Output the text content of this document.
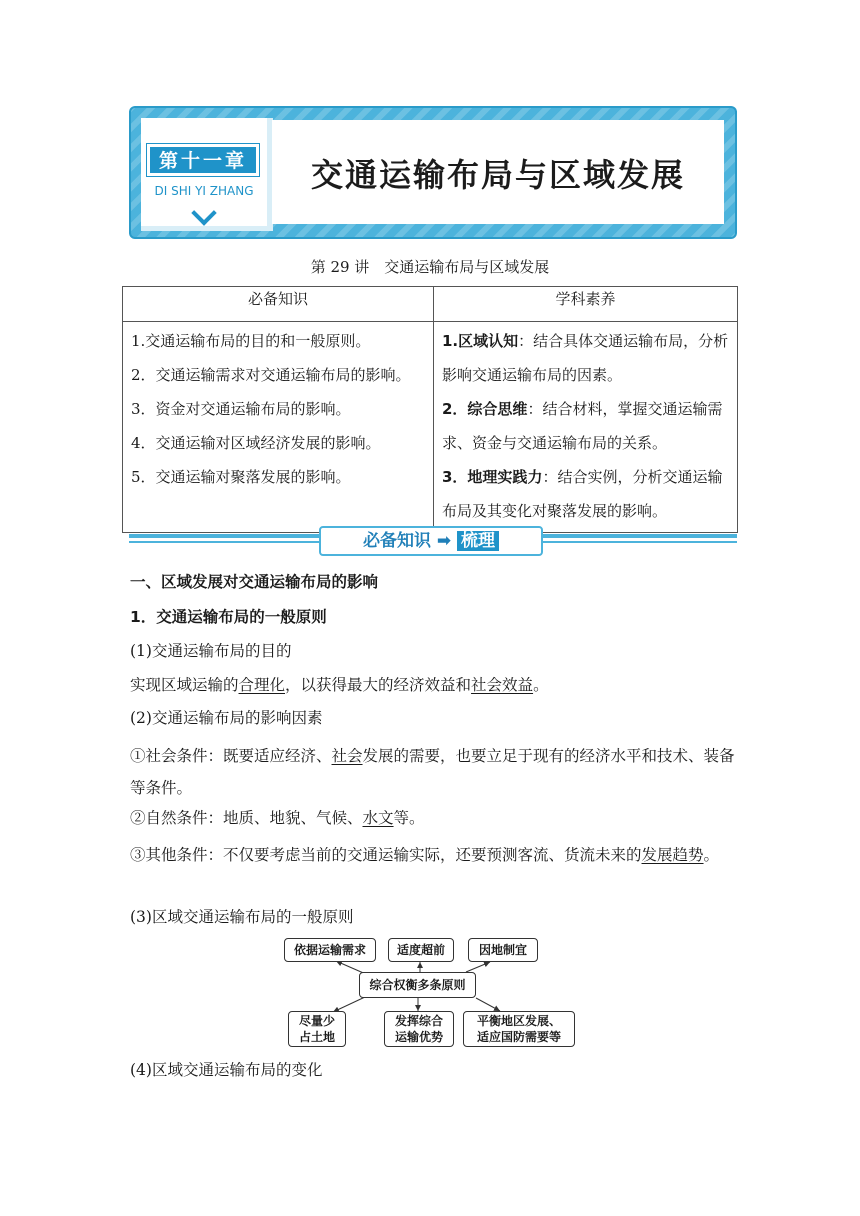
第十一章
DI SHI YI ZHANG	交通运输布局与区域发展
第 29 讲　交通运输布局与区域发展
必备知识	学科素养

1.交通运输布局的目的和一般原则。
2．交通运输需求对交通运输布局的影响。
3．资金对交通运输布局的影响。
4．交通运输对区域经济发展的影响。
5．交通运输对聚落发展的影响。	1.区域认知：结合具体交通运输布局，分析影响交通运输布局的因素。
2．综合思维：结合材料，掌握交通运输需求、资金与交通运输布局的关系。
3．地理实践力：结合实例，分析交通运输布局及其变化对聚落发展的影响。
必备知识 ➡ 梳理
一、区域发展对交通运输布局的影响
1．交通运输布局的一般原则
(1)交通运输布局的目的
实现区域运输的合理化，以获得最大的经济效益和社会效益。
(2)交通运输布局的影响因素
①社会条件：既要适应经济、社会发展的需要，也要立足于现有的经济水平和技术、装备等条件。
②自然条件：地质、地貌、气候、水文等。
③其他条件：不仅要考虑当前的交通运输实际，还要预测客流、货流未来的发展趋势。
(3)区域交通运输布局的一般原则
依据运输需求	适度超前	因地制宜
综合权衡多条原则
尽量少
占土地
发挥综合
运输优势
平衡地区发展、
适应国防需要等
(4)区域交通运输布局的变化
